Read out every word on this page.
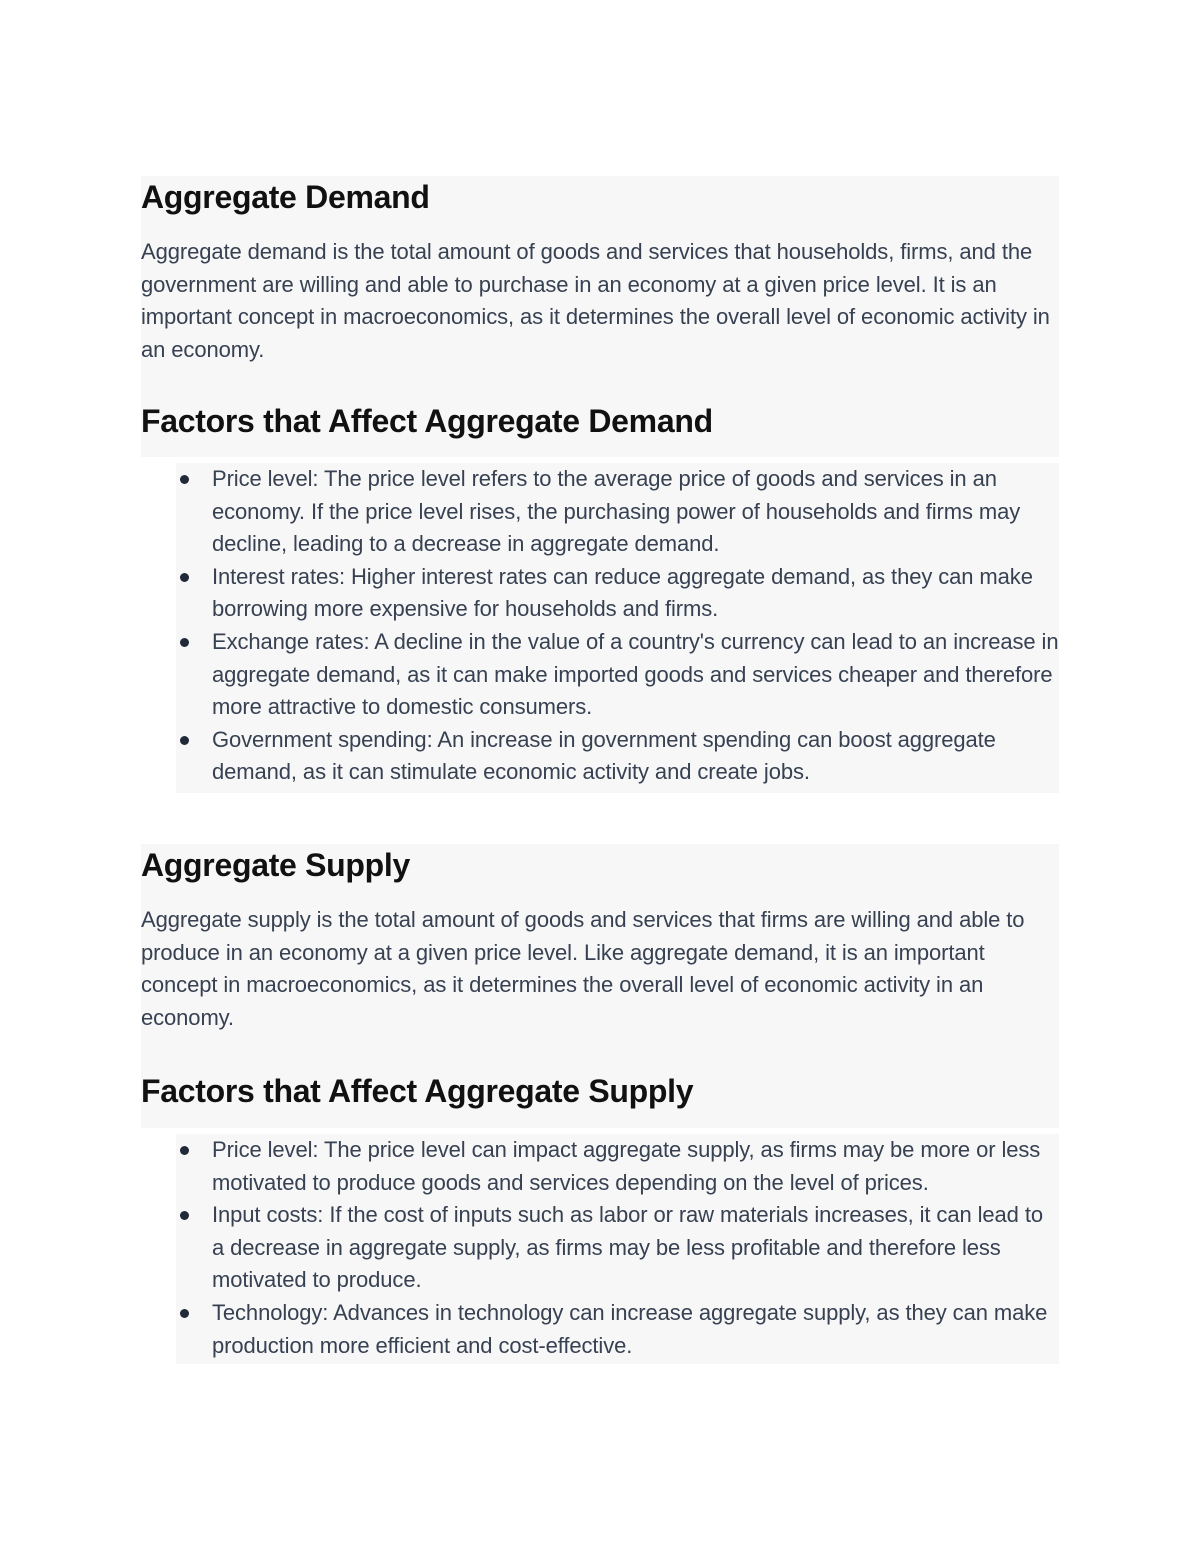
Aggregate Demand

Aggregate demand is the total amount of goods and services that households, firms, and the government are willing and able to purchase in an economy at a given price level. It is an important concept in macroeconomics, as it determines the overall level of economic activity in an economy.

Factors that Affect Aggregate Demand
Price level: The price level refers to the average price of goods and services in an economy. If the price level rises, the purchasing power of households and firms may decline, leading to a decrease in aggregate demand.
Interest rates: Higher interest rates can reduce aggregate demand, as they can make borrowing more expensive for households and firms.
Exchange rates: A decline in the value of a country's currency can lead to an increase in aggregate demand, as it can make imported goods and services cheaper and therefore more attractive to domestic consumers.
Government spending: An increase in government spending can boost aggregate demand, as it can stimulate economic activity and create jobs.
Aggregate Supply

Aggregate supply is the total amount of goods and services that firms are willing and able to produce in an economy at a given price level. Like aggregate demand, it is an important concept in macroeconomics, as it determines the overall level of economic activity in an economy.

Factors that Affect Aggregate Supply
Price level: The price level can impact aggregate supply, as firms may be more or less motivated to produce goods and services depending on the level of prices.
Input costs: If the cost of inputs such as labor or raw materials increases, it can lead to a decrease in aggregate supply, as firms may be less profitable and therefore less motivated to produce.
Technology: Advances in technology can increase aggregate supply, as they can make production more efficient and cost-effective.
